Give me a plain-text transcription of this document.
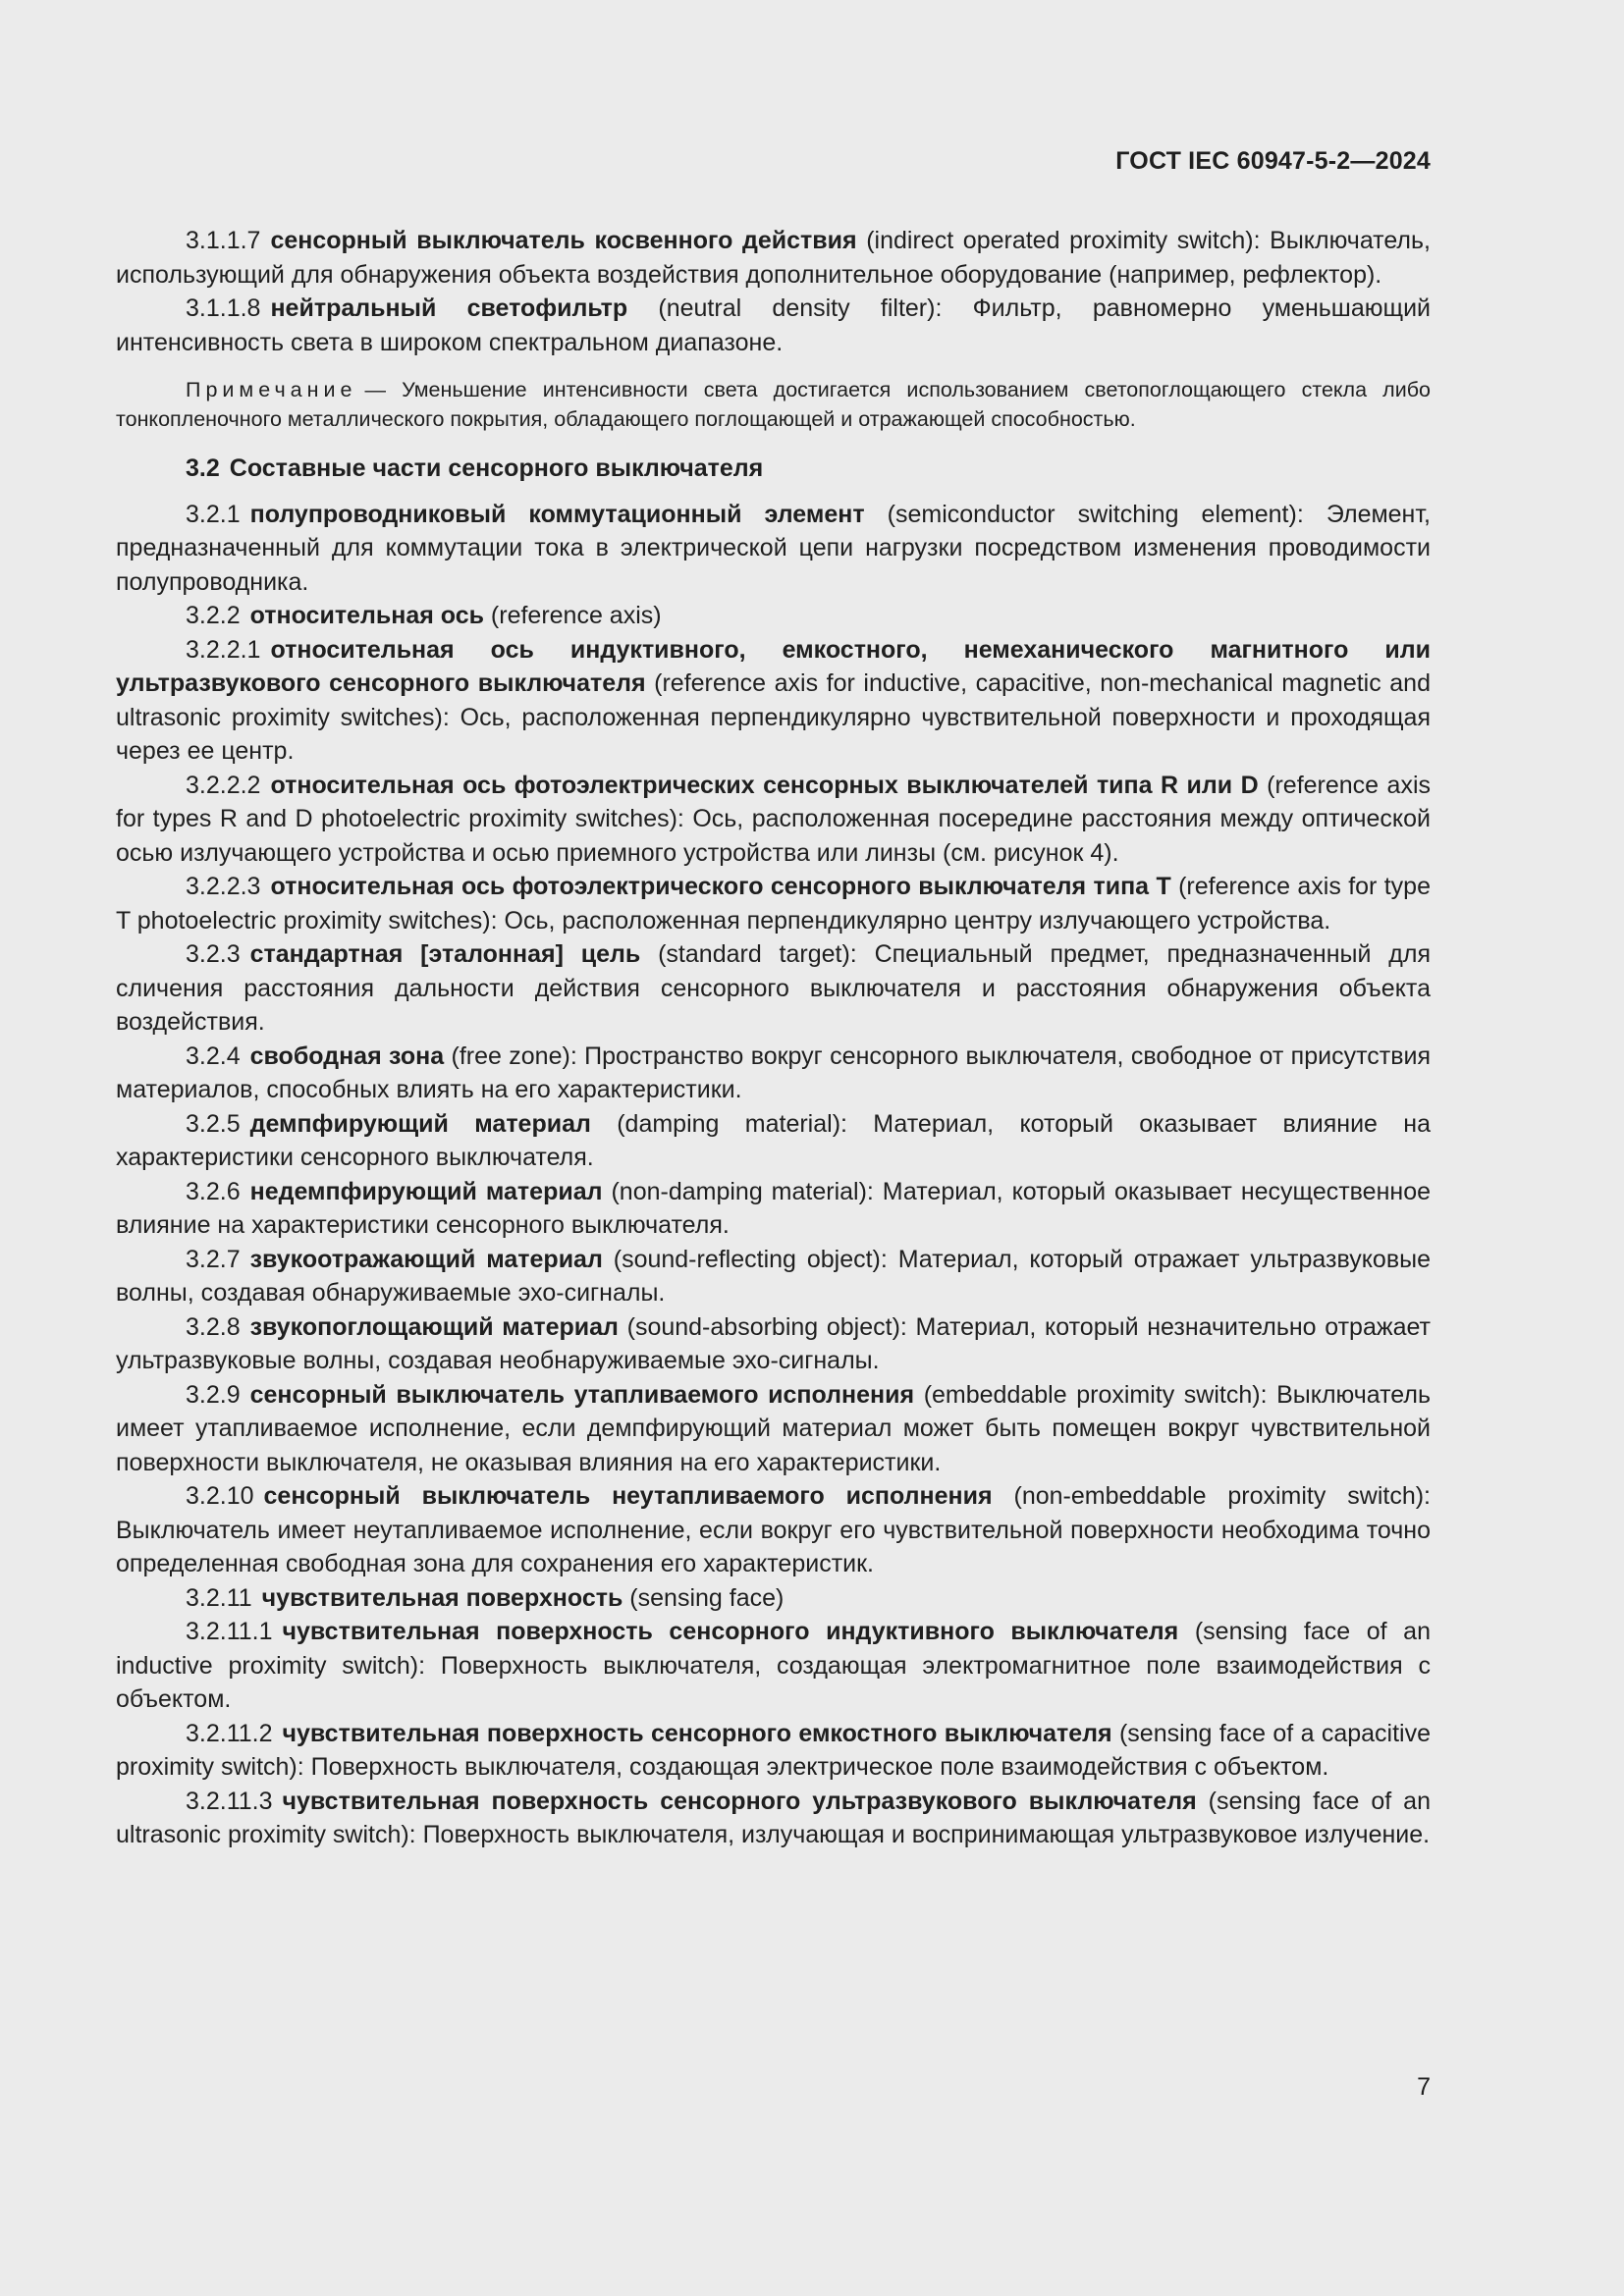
ГОСТ IEC 60947-5-2—2024

3.1.1.7 сенсорный выключатель косвенного действия (indirect operated proximity switch): Выключатель, использующий для обнаружения объекта воздействия дополнительное оборудование (например, рефлектор).

3.1.1.8 нейтральный светофильтр (neutral density filter): Фильтр, равномерно уменьшающий интенсивность света в широком спектральном диапазоне.

Примечание — Уменьшение интенсивности света достигается использованием светопоглощающего стекла либо тонкопленочного металлического покрытия, обладающего поглощающей и отражающей способностью.

3.2 Составные части сенсорного выключателя

3.2.1 полупроводниковый коммутационный элемент (semiconductor switching element): Элемент, предназначенный для коммутации тока в электрической цепи нагрузки посредством изменения проводимости полупроводника.

3.2.2 относительная ось (reference axis)

3.2.2.1 относительная ось индуктивного, емкостного, немеханического магнитного или ультразвукового сенсорного выключателя (reference axis for inductive, capacitive, non-mechanical magnetic and ultrasonic proximity switches): Ось, расположенная перпендикулярно чувствительной поверхности и проходящая через ее центр.

3.2.2.2 относительная ось фотоэлектрических сенсорных выключателей типа R или D (reference axis for types R and D photoelectric proximity switches): Ось, расположенная посередине расстояния между оптической осью излучающего устройства и осью приемного устройства или линзы (см. рисунок 4).

3.2.2.3 относительная ось фотоэлектрического сенсорного выключателя типа T (reference axis for type T photoelectric proximity switches): Ось, расположенная перпендикулярно центру излучающего устройства.

3.2.3 стандартная [эталонная] цель (standard target): Специальный предмет, предназначенный для сличения расстояния дальности действия сенсорного выключателя и расстояния обнаружения объекта воздействия.

3.2.4 свободная зона (free zone): Пространство вокруг сенсорного выключателя, свободное от присутствия материалов, способных влиять на его характеристики.

3.2.5 демпфирующий материал (damping material): Материал, который оказывает влияние на характеристики сенсорного выключателя.

3.2.6 недемпфирующий материал (non-damping material): Материал, который оказывает несущественное влияние на характеристики сенсорного выключателя.

3.2.7 звукоотражающий материал (sound-reflecting object): Материал, который отражает ультразвуковые волны, создавая обнаруживаемые эхо-сигналы.

3.2.8 звукопоглощающий материал (sound-absorbing object): Материал, который незначительно отражает ультразвуковые волны, создавая необнаруживаемые эхо-сигналы.

3.2.9 сенсорный выключатель утапливаемого исполнения (embeddable proximity switch): Выключатель имеет утапливаемое исполнение, если демпфирующий материал может быть помещен вокруг чувствительной поверхности выключателя, не оказывая влияния на его характеристики.

3.2.10 сенсорный выключатель неутапливаемого исполнения (non-embeddable proximity switch): Выключатель имеет неутапливаемое исполнение, если вокруг его чувствительной поверхности необходима точно определенная свободная зона для сохранения его характеристик.

3.2.11 чувствительная поверхность (sensing face)

3.2.11.1 чувствительная поверхность сенсорного индуктивного выключателя (sensing face of an inductive proximity switch): Поверхность выключателя, создающая электромагнитное поле взаимодействия с объектом.

3.2.11.2 чувствительная поверхность сенсорного емкостного выключателя (sensing face of a capacitive proximity switch): Поверхность выключателя, создающая электрическое поле взаимодействия с объектом.

3.2.11.3 чувствительная поверхность сенсорного ультразвукового выключателя (sensing face of an ultrasonic proximity switch): Поверхность выключателя, излучающая и воспринимающая ультразвуковое излучение.

7
